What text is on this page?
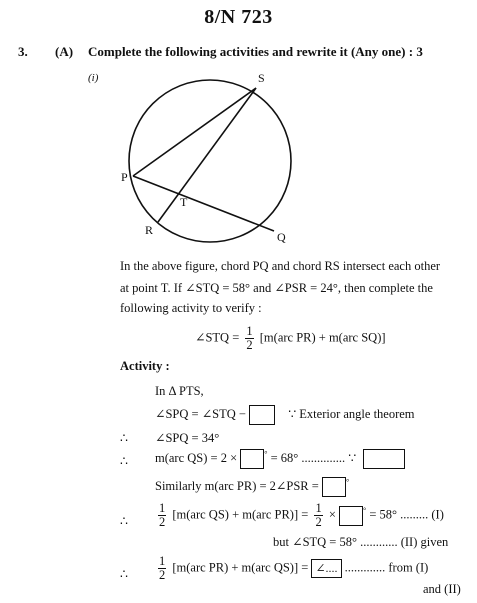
8/N 723
3. (A) Complete the following activities and rewrite it (Any one) : 3
(i)	S
P
T
R	Q
In the above figure, chord PQ and chord RS intersect each other
at point T. If ∠STQ = 58° and ∠PSR = 24°, then complete the
following activity to verify :
∠STQ = $\frac{1}{2} [m(arc$ PR) + m(arc SQ)]
Activity :
In Δ PTS,
∠SPQ = ∠STQ −	∵ Exterior angle theorem
∴ ∠SPQ = 34°
∴ m(arc QS) = 2 ×	° = 68° .............. ∵
Similarly m(arc PR) = 2∠PSR =	°
∴ $\frac{1}{2} [m(arc$ QS) + m(arc $PR)] = \frac{1}{2}$ ×	° = 58° ......... (I)
but ∠STQ = 58° ............ (II) given
∴ $\frac{1}{2} [m(arc$ PR) + m(arc QS)] = ∠.... ............. from (I)
and (II)
